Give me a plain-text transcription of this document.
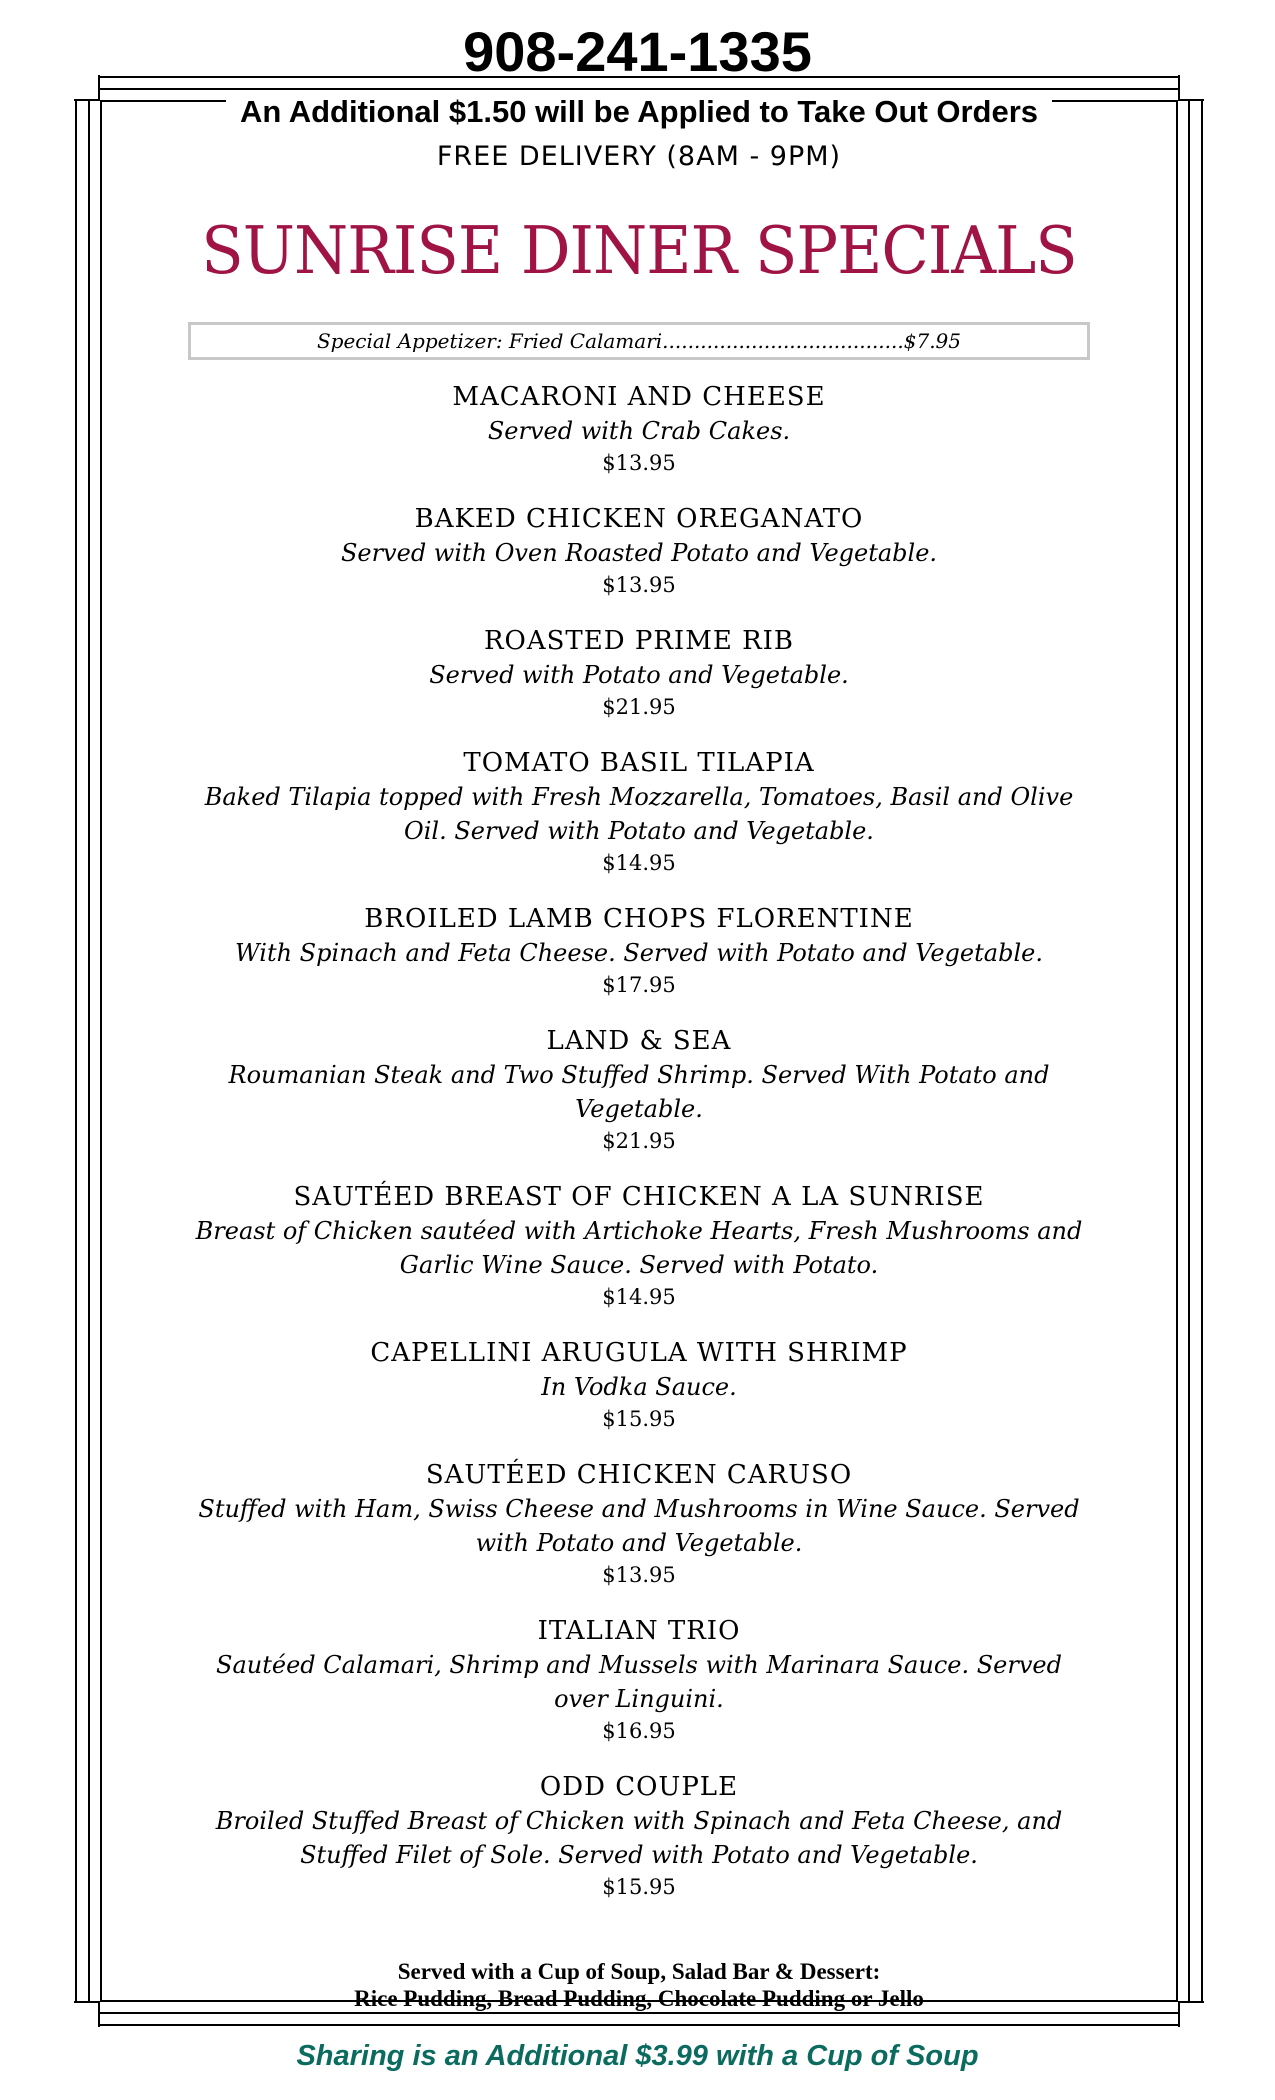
908-241-1335
An Additional $1.50 will be Applied to Take Out Orders
FREE DELIVERY (8AM - 9PM)
SUNRISE DINER SPECIALS
Special Appetizer: Fried Calamari......................................$7.95
MACARONI AND CHEESE
Served with Crab Cakes.
$13.95
BAKED CHICKEN OREGANATO
Served with Oven Roasted Potato and Vegetable.
$13.95
ROASTED PRIME RIB
Served with Potato and Vegetable.
$21.95
TOMATO BASIL TILAPIA
Baked Tilapia topped with Fresh Mozzarella, Tomatoes, Basil and Olive Oil. Served with Potato and Vegetable.
$14.95
BROILED LAMB CHOPS FLORENTINE
With Spinach and Feta Cheese. Served with Potato and Vegetable.
$17.95
LAND & SEA
Roumanian Steak and Two Stuffed Shrimp. Served With Potato and Vegetable.
$21.95
SAUTÉED BREAST OF CHICKEN A LA SUNRISE
Breast of Chicken sautéed with Artichoke Hearts, Fresh Mushrooms and Garlic Wine Sauce. Served with Potato.
$14.95
CAPELLINI ARUGULA WITH SHRIMP
In Vodka Sauce.
$15.95
SAUTÉED CHICKEN CARUSO
Stuffed with Ham, Swiss Cheese and Mushrooms in Wine Sauce. Served with Potato and Vegetable.
$13.95
ITALIAN TRIO
Sautéed Calamari, Shrimp and Mussels with Marinara Sauce. Served over Linguini.
$16.95
ODD COUPLE
Broiled Stuffed Breast of Chicken with Spinach and Feta Cheese, and Stuffed Filet of Sole. Served with Potato and Vegetable.
$15.95
Served with a Cup of Soup, Salad Bar & Dessert:
Rice Pudding, Bread Pudding, Chocolate Pudding or Jello
Sharing is an Additional $3.99 with a Cup of Soup
